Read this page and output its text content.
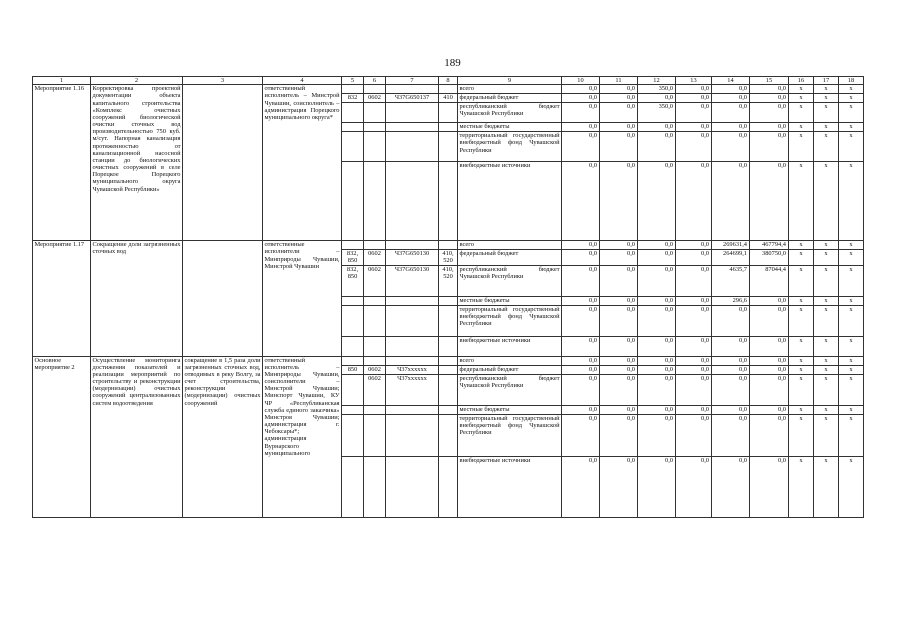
189
1	2	3	4	5	6	7	8	9	10	11	12	13	14	15	16	17	18
Мероприятие 1.16	Корректировка проектной документации объекта капитального строительства «Комплекс очистных сооружений биологической очистки сточных вод производительностью 750 куб. м/сут. Напорная канализация протяженностью от канализационной насосной станции до биологических очистных сооружений в селе Порецкое Порецкого муниципального округа Чувашской Республики»		ответственный исполнитель – Минстрой Чувашии, соисполнитель – администрация Порецкого муниципального округа*					всего	0,0	0,0	350,0	0,0	0,0	0,0	x	x	x
				832	0602	Ч37G650137	410	федеральный бюджет	0,0	0,0	0,0	0,0	0,0	0,0	x	x	x
								республиканский бюджет Чувашской Республики	0,0	0,0	350,0	0,0	0,0	0,0	x	x	x
								местные бюджеты	0,0	0,0	0,0	0,0	0,0	0,0	x	x	x
								территориальный государственный внебюджетный фонд Чувашской Республики	0,0	0,0	0,0	0,0	0,0	0,0	x	x	x
								внебюджетные источники	0,0	0,0	0,0	0,0	0,0	0,0	x	x	x
Мероприятие 1.17	Сокращение доли загрязненных сточных вод		ответственные исполнители – Минприроды Чувашии, Минстрой Чувашии					всего	0,0	0,0	0,0	0,0	269631,4	467794,4	x	x	x
				832, 850	0602	Ч37G650130	410, 520	федеральный бюджет	0,0	0,0	0,0	0,0	264699,1	380750,0	x	x	x
				832, 850	0602	Ч37G650130	410, 520	республиканский бюджет Чувашской Республики	0,0	0,0	0,0	0,0	4635,7	87044,4	x	x	x
								местные бюджеты	0,0	0,0	0,0	0,0	296,6	0,0	x	x	x
								территориальный государственный внебюджетный фонд Чувашской Республики	0,0	0,0	0,0	0,0	0,0	0,0	x	x	x
								внебюджетные источники	0,0	0,0	0,0	0,0	0,0	0,0	x	x	x
Основное мероприятие 2	Осуществление мониторинга достижения показателей и реализации мероприятий по строительству и реконструкции (модернизации) очистных сооружений централизованных систем водоотведения	сокращение в 1,5 раза доли загрязненных сточных вод, отводимых в реку Волгу, за счет строительства, реконструкции (модернизации) очистных сооружений	ответственный исполнитель – Минприроды Чувашии, соисполнители – Минстрой Чувашии; Минспорт Чувашии, КУ ЧР «Республиканская служба единого заказчика» Минстроя Чувашии; администрация г. Чебоксары*; администрация Вурнарского муниципального					всего	0,0	0,0	0,0	0,0	0,0	0,0	x	x	x
				850	0602	Ч37xxxxxx		федеральный бюджет	0,0	0,0	0,0	0,0	0,0	0,0	x	x	x
					0602	Ч37xxxxxx		республиканский бюджет Чувашской Республики	0,0	0,0	0,0	0,0	0,0	0,0	x	x	x
								местные бюджеты	0,0	0,0	0,0	0,0	0,0	0,0	x	x	x
								территориальный государственный внебюджетный фонд Чувашской Республики	0,0	0,0	0,0	0,0	0,0	0,0	x	x	x
								внебюджетные источники	0,0	0,0	0,0	0,0	0,0	0,0	x	x	x
